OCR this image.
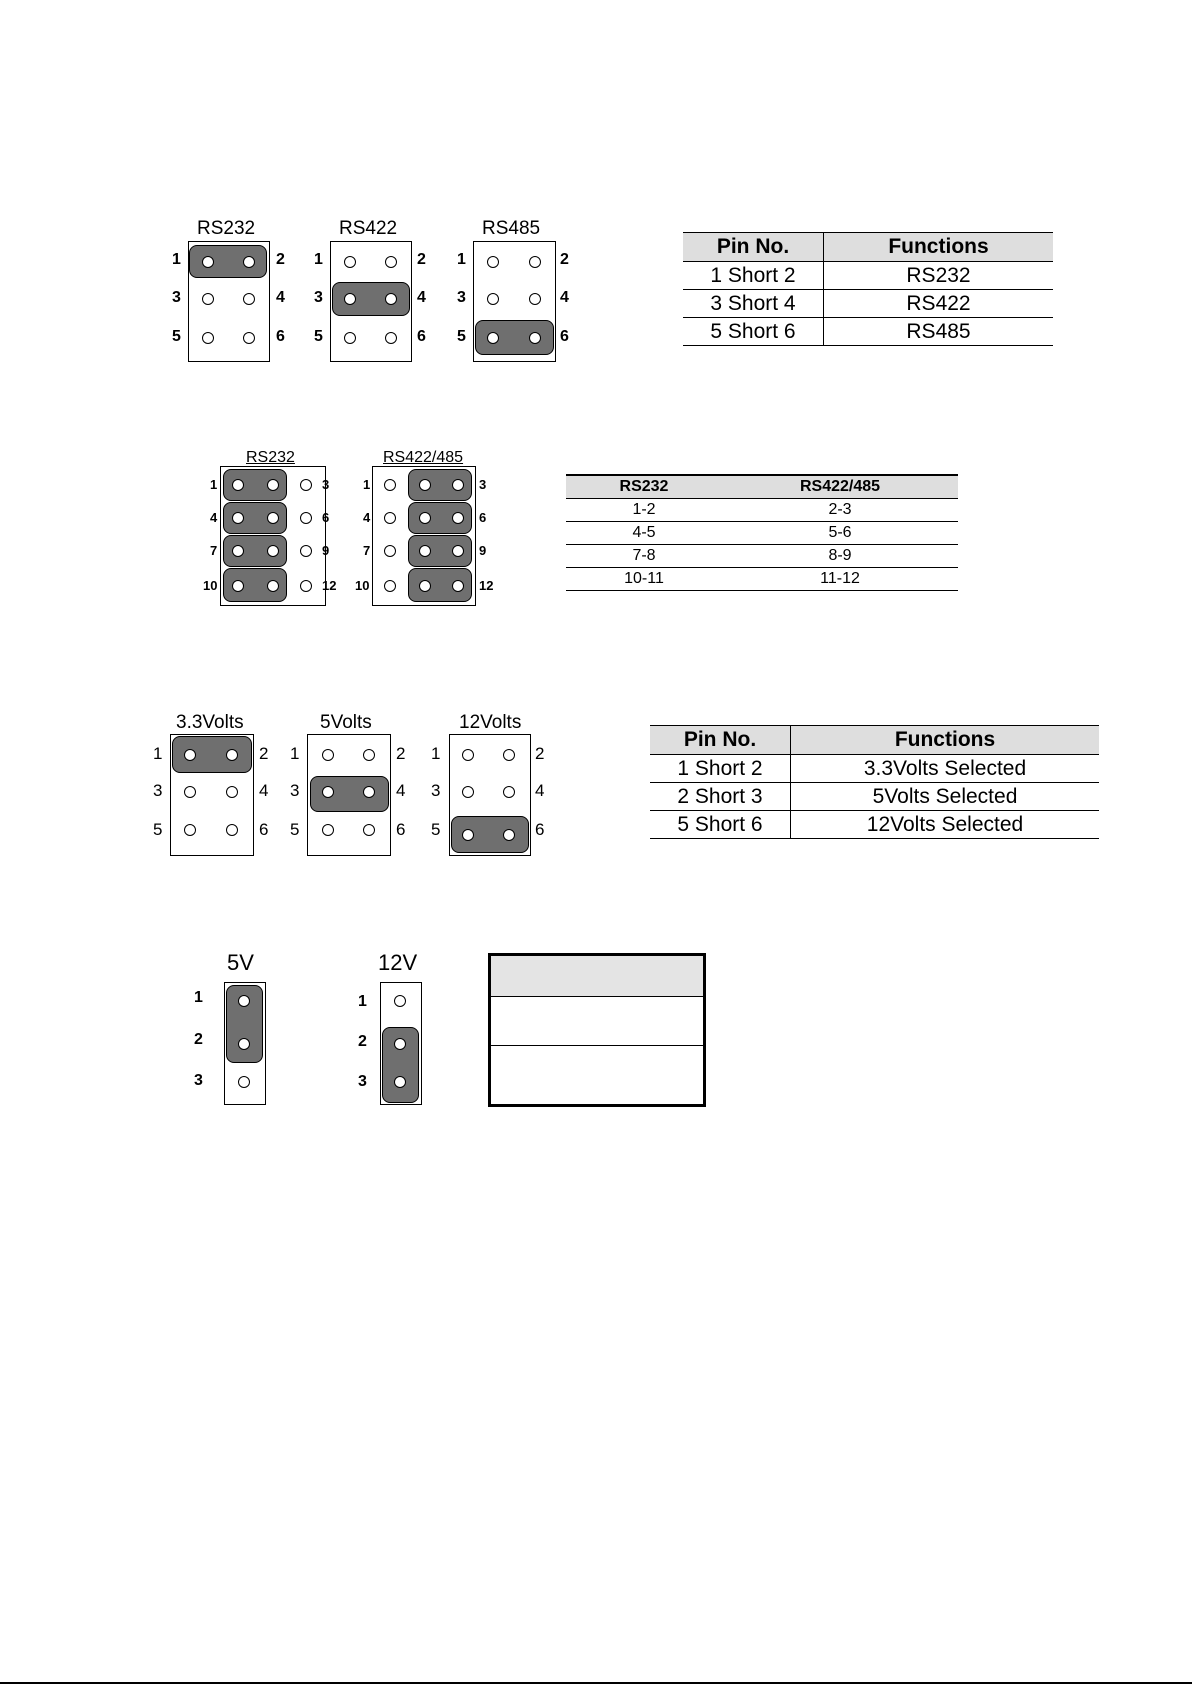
RS232
1	2
3	4
5	6
RS422
1	2
3	4
5	6
RS485
1	2
3	4
5	6
Pin No.	Functions
1 Short 2	RS232
3 Short 4	RS422
5 Short 6	RS485
RS232
1
4
7
10
3
6
9
12
RS422/485
1
4
7
10
3
6
9
12
RS232	RS422/485
1-2	2-3
4-5	5-6
7-8	8-9
10-11	11-12
3.3Volts
1	2
3	4
5	6
5Volts
1	2
3	4
5	6
12Volts
1	2
3	4
5	6
Pin No.	Functions
1 Short 2	3.3Volts Selected
2 Short 3	5Volts Selected
5 Short 6	12Volts Selected
5V
1
2
3
12V
1
2
3
